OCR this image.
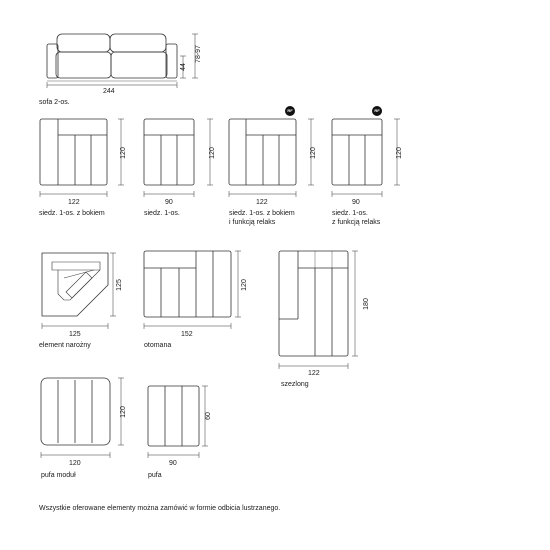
244
44
78-97
sofa 2-os.
122
120
siedz. 1-os. z bokiem
90
120
siedz. 1-os.
RF
122
120
siedz. 1-os. z bokiem
i funkcją relaks
RF
90
120
siedz. 1-os.
z funkcją relaks
125
125
element narożny
152
120
otomana
122
180
szezlong
120
120
pufa moduł
90
60
pufa
Wszystkie oferowane elementy można zamówić w formie odbicia lustrzanego.
